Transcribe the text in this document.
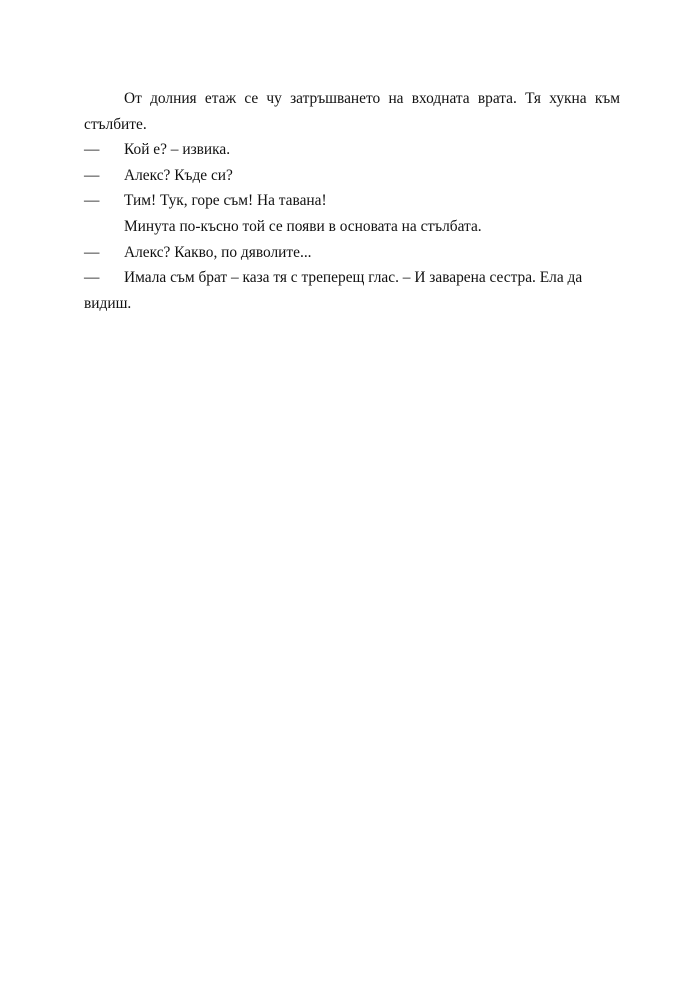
От долния етаж се чу затръшването на входната врата. Тя хукна към стълбите.

— Кой е? – извика.

— Алекс? Къде си?

— Тим! Тук, горе съм! На тавана!

Минута по-късно той се появи в основата на стълбата.

— Алекс? Какво, по дяволите...

— Имала съм брат – каза тя с треперещ глас. – И заварена сестра. Ела да видиш.
